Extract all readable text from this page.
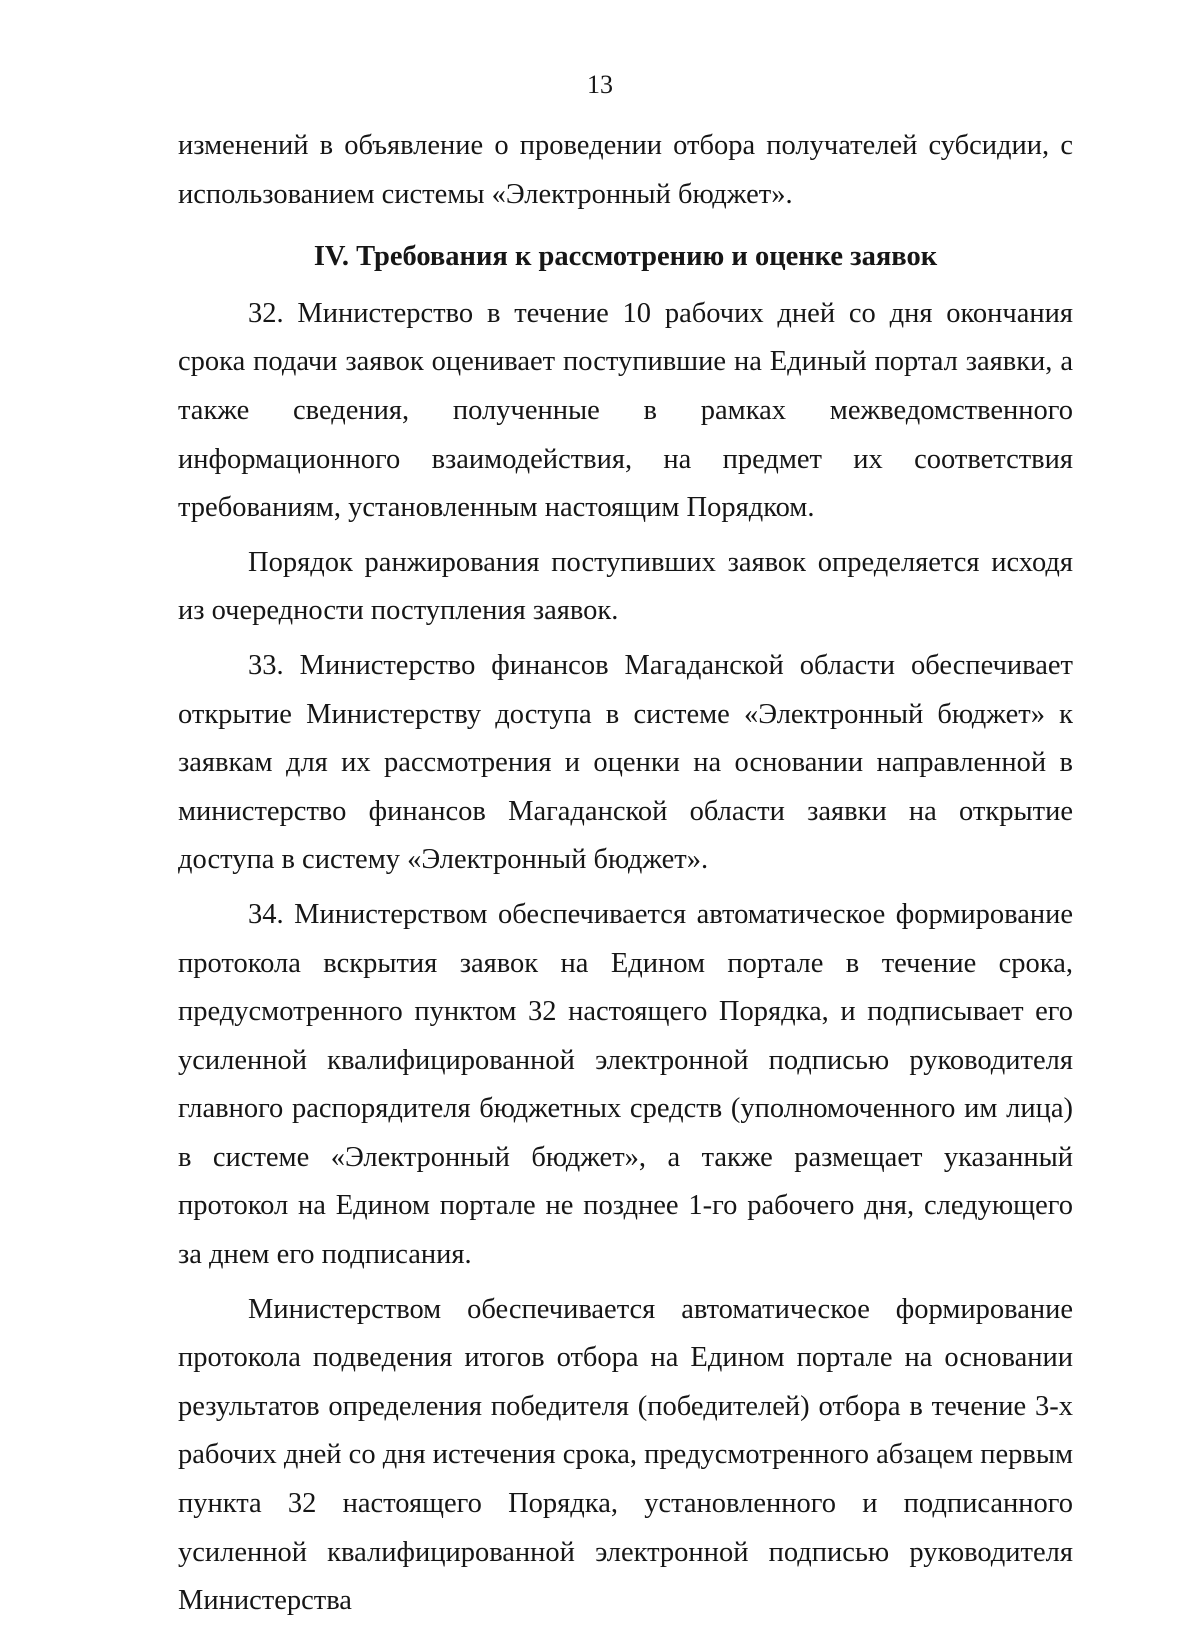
13

изменений в объявление о проведении отбора получателей субсидии, с использованием системы «Электронный бюджет».

IV. Требования к рассмотрению и оценке заявок

32. Министерство в течение 10 рабочих дней со дня окончания срока подачи заявок оценивает поступившие на Единый портал заявки, а также сведения, полученные в рамках межведомственного информационного взаимодействия, на предмет их соответствия требованиям, установленным настоящим Порядком.

Порядок ранжирования поступивших заявок определяется исходя из очередности поступления заявок.

33. Министерство финансов Магаданской области обеспечивает открытие Министерству доступа в системе «Электронный бюджет» к заявкам для их рассмотрения и оценки на основании направленной в министерство финансов Магаданской области заявки на открытие доступа в систему «Электронный бюджет».

34. Министерством обеспечивается автоматическое формирование протокола вскрытия заявок на Едином портале в течение срока, предусмотренного пунктом 32 настоящего Порядка, и подписывает его усиленной квалифицированной электронной подписью руководителя главного распорядителя бюджетных средств (уполномоченного им лица) в системе «Электронный бюджет», а также размещает указанный протокол на Едином портале не позднее 1-го рабочего дня, следующего за днем его подписания.

Министерством обеспечивается автоматическое формирование протокола подведения итогов отбора на Едином портале на основании результатов определения победителя (победителей) отбора в течение 3-х рабочих дней со дня истечения срока, предусмотренного абзацем первым пункта 32 настоящего Порядка, установленного и подписанного усиленной квалифицированной электронной подписью руководителя Министерства
